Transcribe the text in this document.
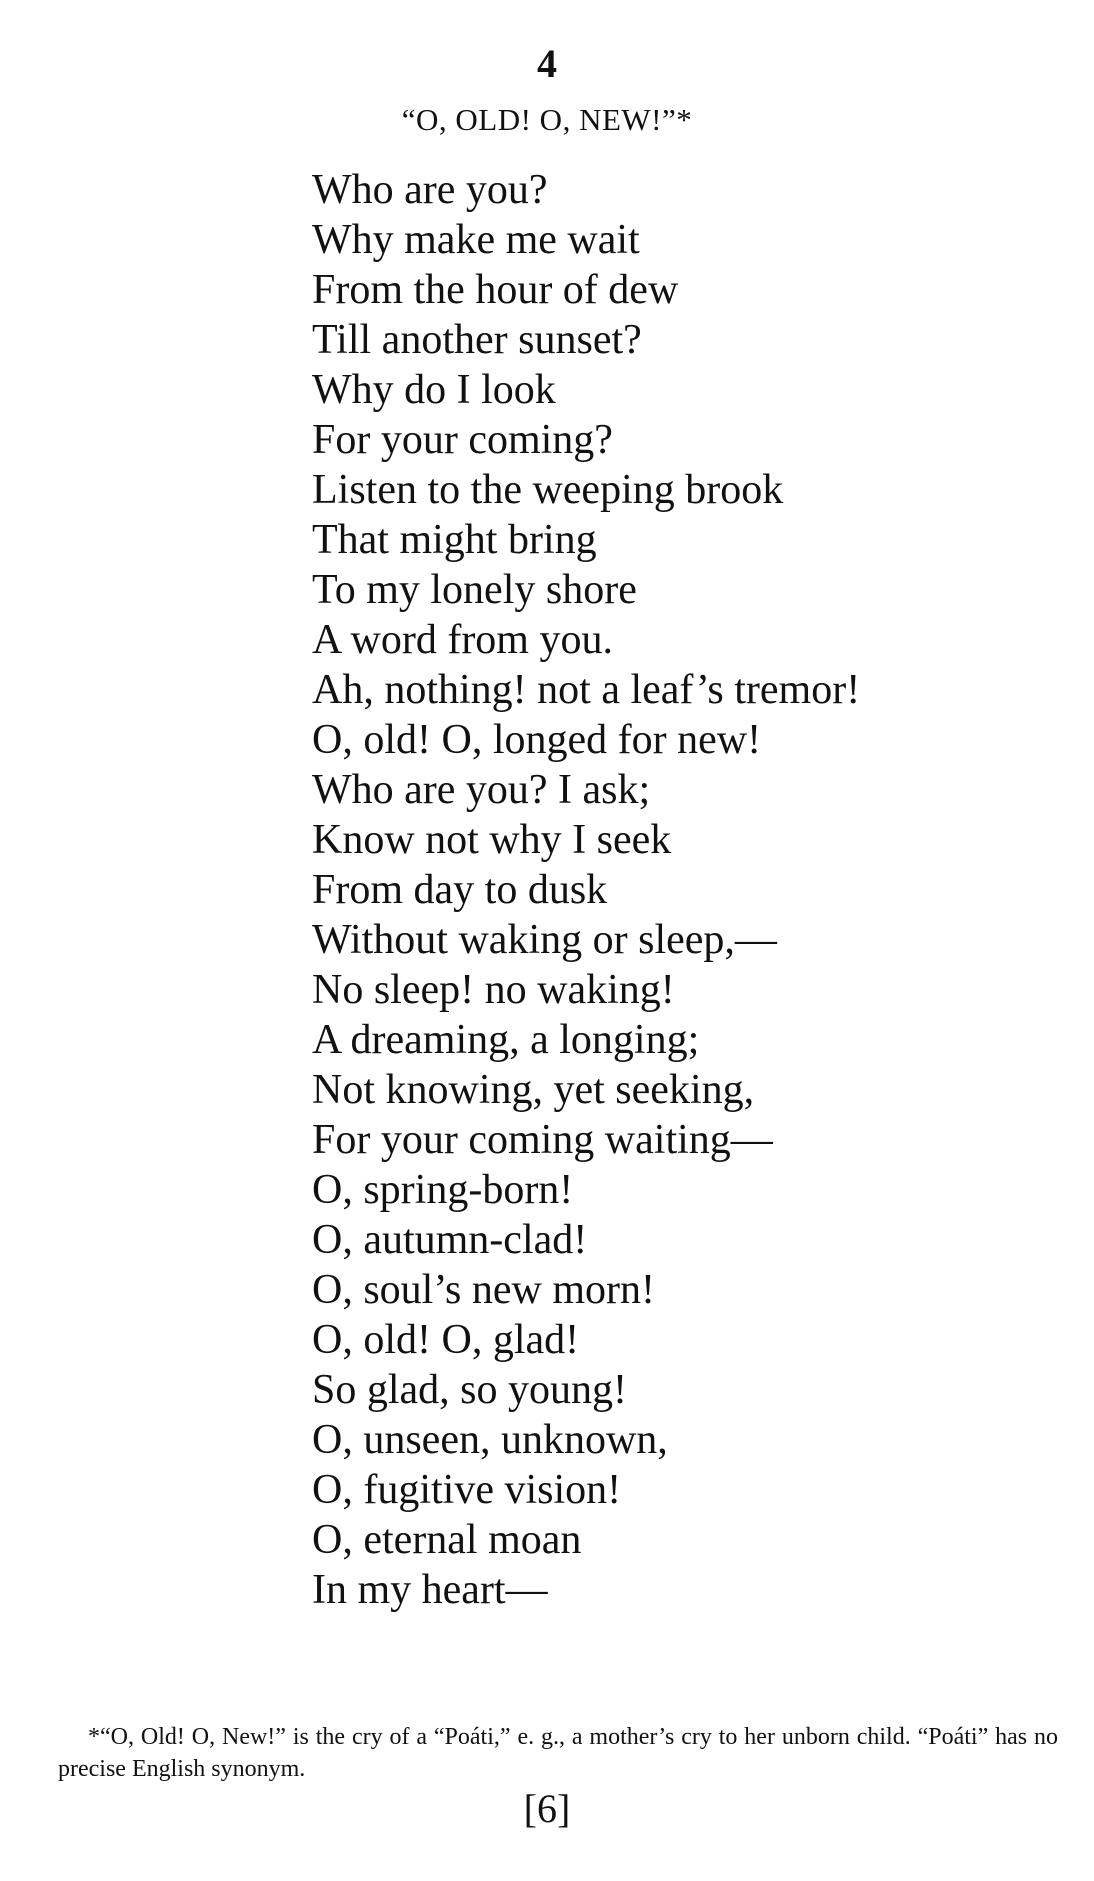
4
“O, OLD! O, NEW!”*
Who are you?
Why make me wait
From the hour of dew
Till another sunset?
Why do I look
For your coming?
Listen to the weeping brook
That might bring
To my lonely shore
A word from you.
Ah, nothing! not a leaf’s tremor!
O, old! O, longed for new!
Who are you? I ask;
Know not why I seek
From day to dusk
Without waking or sleep,—
No sleep! no waking!
A dreaming, a longing;
Not knowing, yet seeking,
For your coming waiting—
O, spring-born!
O, autumn-clad!
O, soul’s new morn!
O, old! O, glad!
So glad, so young!
O, unseen, unknown,
O, fugitive vision!
O, eternal moan
In my heart—

*“O, Old! O, New!” is the cry of a “Poáti,” e. g., a mother’s cry to her unborn child. “Poáti” has no precise English synonym.

[6]
